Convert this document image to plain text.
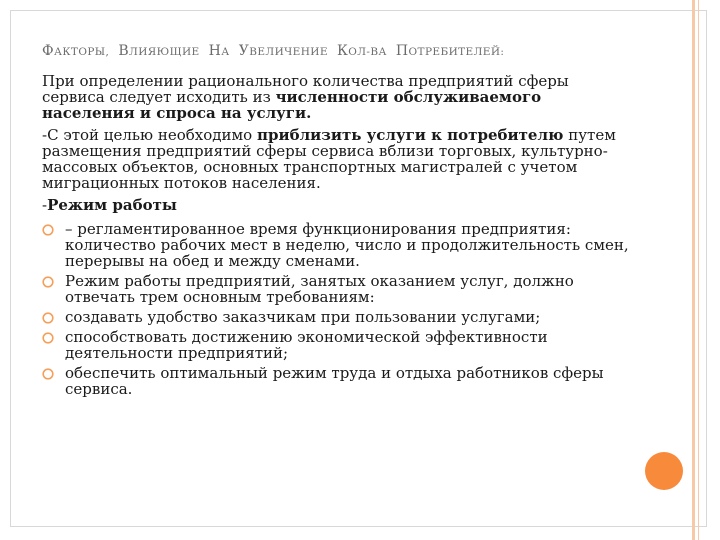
ФАКТОРЫ, ВЛИЯЮЩИЕ НА УВЕЛИЧЕНИЕ КОЛ-ВА ПОТРЕБИТЕЛЕЙ:

При определении рационального количества предприятий сферы сервиса следует исходить из численности обслуживаемого населения и спроса на услуги.

-С этой целью необходимо приблизить услуги к потребителю путем размещения предприятий сферы сервиса вблизи торговых, культурно-массовых объектов, основных транспортных магистралей с учетом миграционных потоков населения.

-Режим работы

– регламентированное время функционирования предприятия: количество рабочих мест в неделю, число и продолжительность смен, перерывы на обед и между сменами.
Режим работы предприятий, занятых оказанием услуг, должно отвечать трем основным требованиям:
создавать удобство заказчикам при пользовании услугами;
способствовать достижению экономической эффективности деятельности предприятий;
обеспечить оптимальный режим труда и отдыха работников сферы сервиса.
